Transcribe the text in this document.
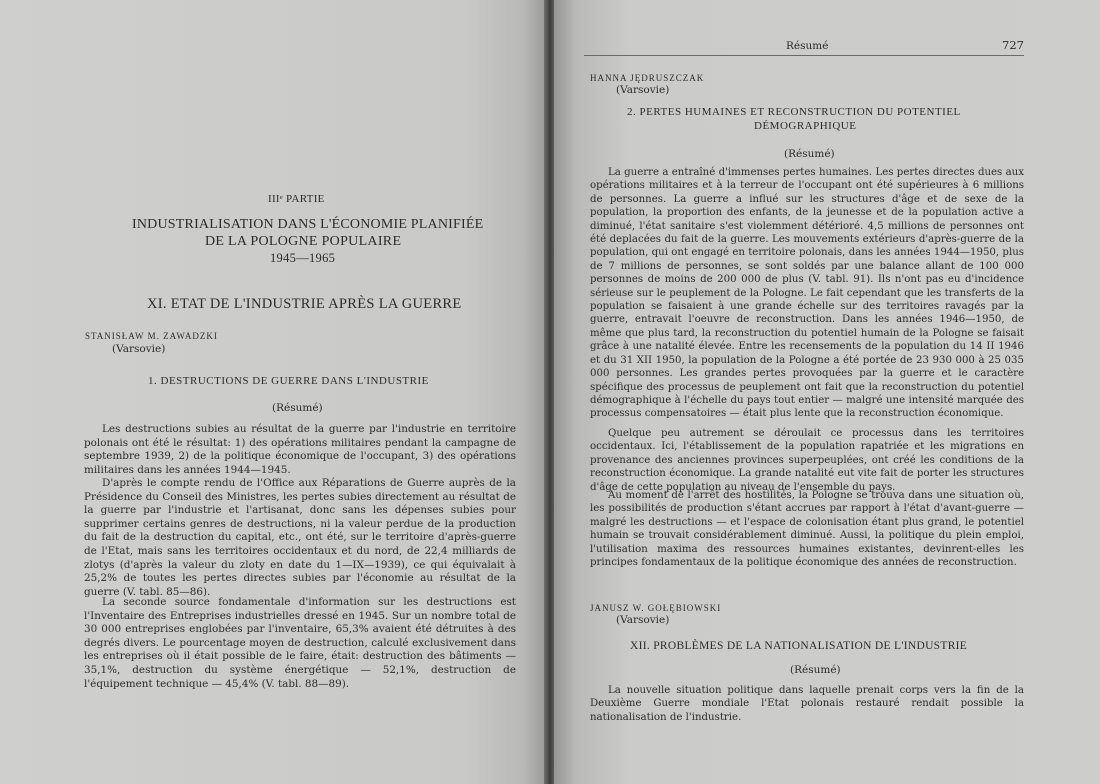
IIIᵉ PARTIE
INDUSTRIALISATION DANS L'ÉCONOMIE PLANIFIÉE
DE LA POLOGNE POPULAIRE
1945—1965
XI. ETAT DE L'INDUSTRIE APRÈS LA GUERRE
STANISŁAW M. ZAWADZKI
(Varsovie)
1. DESTRUCTIONS DE GUERRE DANS L'INDUSTRIE
(Résumé)

Les destructions subies au résultat de la guerre par l'industrie en territoire polonais ont été le résultat: 1) des opérations militaires pendant la campagne de septembre 1939, 2) de la politique économique de l'occupant, 3) des opérations militaires dans les années 1944—1945.

D'après le compte rendu de l'Office aux Réparations de Guerre auprès de la Présidence du Conseil des Ministres, les pertes subies directement au résultat de la guerre par l'industrie et l'artisanat, donc sans les dépenses subies pour supprimer certains genres de destructions, ni la valeur perdue de la production du fait de la destruction du capital, etc., ont été, sur le territoire d'après-guerre de l'Etat, mais sans les territoires occidentaux et du nord, de 22,4 milliards de zlotys (d'après la valeur du zloty en date du 1—IX—1939), ce qui équivalait à 25,2% de toutes les pertes directes subies par l'économie au résultat de la guerre (V. tabl. 85—86).

La seconde source fondamentale d'information sur les destructions est l'Inventaire des Entreprises industrielles dressé en 1945. Sur un nombre total de 30 000 entreprises englobées par l'inventaire, 65,3% avaient été détruites à des degrés divers. Le pourcentage moyen de destruction, calculé exclusivement dans les entreprises où il était possible de le faire, était: destruction des bâtiments — 35,1%, destruction du système énergétique — 52,1%, destruction de l'équipement technique — 45,4% (V. tabl. 88—89).

Résumé	727
HANNA JĘDRUSZCZAK
(Varsovie)
2. PERTES HUMAINES ET RECONSTRUCTION DU POTENTIEL
DÉMOGRAPHIQUE
(Résumé)

La guerre a entraîné d'immenses pertes humaines. Les pertes directes dues aux opérations militaires et à la terreur de l'occupant ont été supérieures à 6 millions de personnes. La guerre a influé sur les structures d'âge et de sexe de la population, la proportion des enfants, de la jeunesse et de la population active a diminué, l'état sanitaire s'est violemment détérioré. 4,5 millions de personnes ont été deplacées du fait de la guerre. Les mouvements extérieurs d'après-guerre de la population, qui ont engagé en territoire polonais, dans les années 1944—1950, plus de 7 millions de personnes, se sont soldés par une balance allant de 100 000 personnes de moins de 200 000 de plus (V. tabl. 91). Ils n'ont pas eu d'incidence sérieuse sur le peuplement de la Pologne. Le fait cependant que les transferts de la population se faisaient à une grande échelle sur des territoires ravagés par la guerre, entravait l'oeuvre de reconstruction. Dans les années 1946—1950, de même que plus tard, la reconstruction du potentiel humain de la Pologne se faisait grâce à une natalité élevée. Entre les recensements de la population du 14 II 1946 et du 31 XII 1950, la population de la Pologne a été portée de 23 930 000 à 25 035 000 personnes. Les grandes pertes provoquées par la guerre et le caractère spécifique des processus de peuplement ont fait que la reconstruction du potentiel démographique à l'échelle du pays tout entier — malgré une intensité marquée des processus compensatoires — était plus lente que la reconstruction économique.

Quelque peu autrement se déroulait ce processus dans les territoires occidentaux. Ici, l'établissement de la population rapatriée et les migrations en provenance des anciennes provinces superpeuplées, ont créé les conditions de la reconstruction économique. La grande natalité eut vite fait de porter les structures d'âge de cette population au niveau de l'ensemble du pays.

Au moment de l'arrêt des hostilités, la Pologne se trouva dans une situation où, les possibilités de production s'étant accrues par rapport à l'état d'avant-guerre — malgré les destructions — et l'espace de colonisation étant plus grand, le potentiel humain se trouvait considérablement diminué. Aussi, la politique du plein emploi, l'utilisation maxima des ressources humaines existantes, devinrent-elles les principes fondamentaux de la politique économique des années de reconstruction.

JANUSZ W. GOŁĘBIOWSKI
(Varsovie)
XII. PROBLÈMES DE LA NATIONALISATION DE L'INDUSTRIE
(Résumé)

La nouvelle situation politique dans laquelle prenait corps vers la fin de la Deuxième Guerre mondiale l'Etat polonais restauré rendait possible la nationalisation de l'industrie.
